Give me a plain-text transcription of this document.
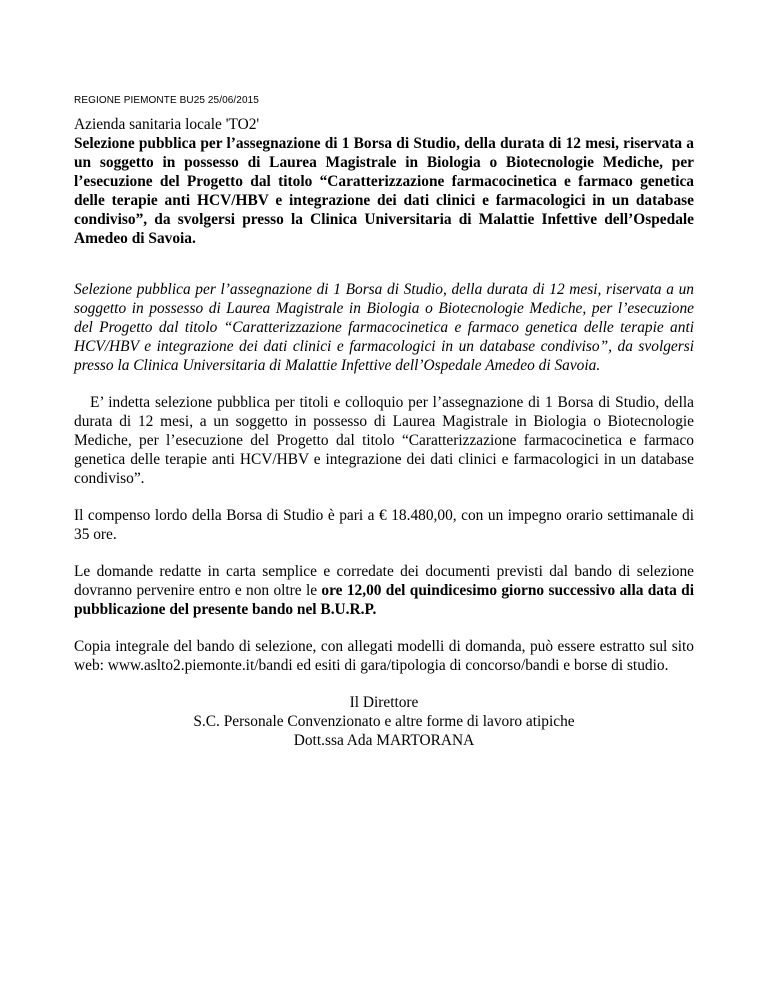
REGIONE PIEMONTE BU25 25/06/2015

Azienda sanitaria locale 'TO2'

Selezione pubblica per l’assegnazione di 1 Borsa di Studio, della durata di 12 mesi, riservata a un soggetto in possesso di Laurea Magistrale in Biologia o Biotecnologie Mediche, per l’esecuzione del Progetto dal titolo “Caratterizzazione farmacocinetica e farmaco genetica delle terapie anti HCV/HBV e integrazione dei dati clinici e farmacologici in un database condiviso”, da svolgersi presso la Clinica Universitaria di Malattie Infettive dell’Ospedale Amedeo di Savoia.

Selezione pubblica per l’assegnazione di 1 Borsa di Studio, della durata di 12 mesi, riservata a un soggetto in possesso di Laurea Magistrale in Biologia o Biotecnologie Mediche, per l’esecuzione del Progetto dal titolo “Caratterizzazione farmacocinetica e farmaco genetica delle terapie anti HCV/HBV e integrazione dei dati clinici e farmacologici in un database condiviso”, da svolgersi presso la Clinica Universitaria di Malattie Infettive dell’Ospedale Amedeo di Savoia.

E’ indetta selezione pubblica per titoli e colloquio per l’assegnazione di 1 Borsa di Studio, della durata di 12 mesi, a un soggetto in possesso di Laurea Magistrale in Biologia o Biotecnologie Mediche, per l’esecuzione del Progetto dal titolo “Caratterizzazione farmacocinetica e farmaco genetica delle terapie anti HCV/HBV e integrazione dei dati clinici e farmacologici in un database condiviso”.

Il compenso lordo della Borsa di Studio è pari a € 18.480,00, con un impegno orario settimanale di 35 ore.

Le domande redatte in carta semplice e corredate dei documenti previsti dal bando di selezione dovranno pervenire entro e non oltre le ore 12,00 del quindicesimo giorno successivo alla data di pubblicazione del presente bando nel B.U.R.P.

Copia integrale del bando di selezione, con allegati modelli di domanda, può essere estratto sul sito web: www.aslto2.piemonte.it/bandi ed esiti di gara/tipologia di concorso/bandi e borse di studio.

Il Direttore
S.C. Personale Convenzionato e altre forme di lavoro atipiche
Dott.ssa Ada MARTORANA
